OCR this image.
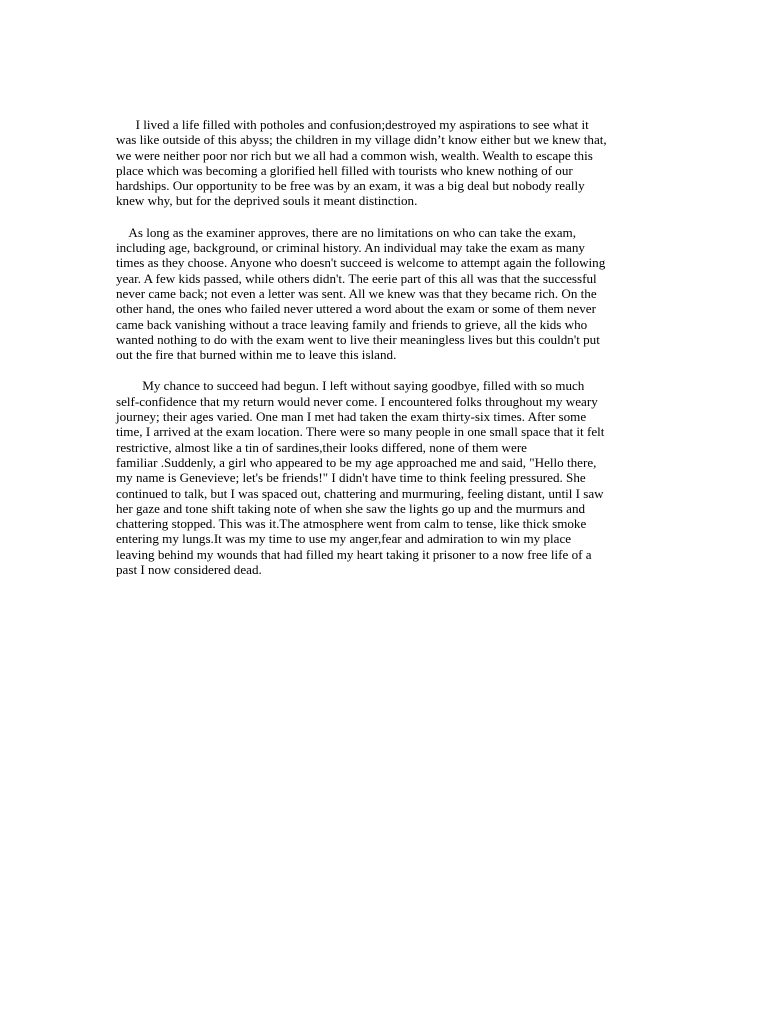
I lived a life filled with potholes and confusion;destroyed my aspirations to see what it
was like outside of this abyss; the children in my village didn’t know either but we knew that,
we were neither poor nor rich but we all had a common wish, wealth. Wealth to escape this
place which was becoming a glorified hell filled with tourists who knew nothing of our
hardships. Our opportunity to be free was by an exam, it was a big deal but nobody really
knew why, but for the deprived souls it meant distinction.
As long as the examiner approves, there are no limitations on who can take the exam,
including age, background, or criminal history. An individual may take the exam as many
times as they choose. Anyone who doesn't succeed is welcome to attempt again the following
year. A few kids passed, while others didn't. The eerie part of this all was that the successful
never came back; not even a letter was sent. All we knew was that they became rich. On the
other hand, the ones who failed never uttered a word about the exam or some of them never
came back vanishing without a trace leaving family and friends to grieve, all the kids who
wanted nothing to do with the exam went to live their meaningless lives but this couldn't put
out the fire that burned within me to leave this island.
My chance to succeed had begun. I left without saying goodbye, filled with so much
self-confidence that my return would never come. I encountered folks throughout my weary
journey; their ages varied. One man I met had taken the exam thirty-six times. After some
time, I arrived at the exam location. There were so many people in one small space that it felt
restrictive, almost like a tin of sardines,their looks differed, none of them were
familiar .Suddenly, a girl who appeared to be my age approached me and said, "Hello there,
my name is Genevieve; let's be friends!" I didn't have time to think feeling pressured. She
continued to talk, but I was spaced out, chattering and murmuring, feeling distant, until I saw
her gaze and tone shift taking note of when she saw the lights go up and the murmurs and
chattering stopped. This was it.The atmosphere went from calm to tense, like thick smoke
entering my lungs.It was my time to use my anger,fear and admiration to win my place
leaving behind my wounds that had filled my heart taking it prisoner to a now free life of a
past I now considered dead.
